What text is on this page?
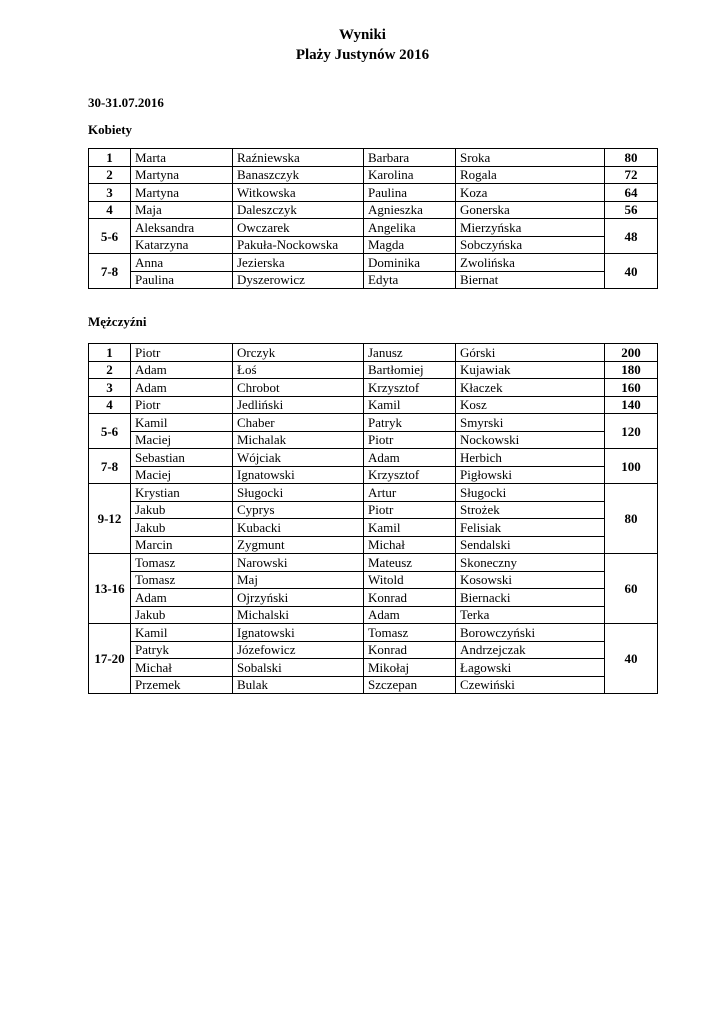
Wyniki
Plaży Justynów 2016
30-31.07.2016
Kobiety
1	Marta	Raźniewska	Barbara	Sroka	80
2	Martyna	Banaszczyk	Karolina	Rogala	72
3	Martyna	Witkowska	Paulina	Koza	64
4	Maja	Daleszczyk	Agnieszka	Gonerska	56
5-6	Aleksandra	Owczarek	Angelika	Mierzyńska	48
	Katarzyna	Pakuła-Nockowska	Magda	Sobczyńska	
7-8	Anna	Jezierska	Dominika	Zwolińska	40
	Paulina	Dyszerowicz	Edyta	Biernat	
Mężczyźni
1	Piotr	Orczyk	Janusz	Górski	200
2	Adam	Łoś	Bartłomiej	Kujawiak	180
3	Adam	Chrobot	Krzysztof	Kłaczek	160
4	Piotr	Jedliński	Kamil	Kosz	140
5-6	Kamil	Chaber	Patryk	Smyrski	120
	Maciej	Michalak	Piotr	Nockowski	
7-8	Sebastian	Wójciak	Adam	Herbich	100
	Maciej	Ignatowski	Krzysztof	Pigłowski	
9-12	Krystian	Sługocki	Artur	Sługocki	80
	Jakub	Cyprys	Piotr	Strożek	
	Jakub	Kubacki	Kamil	Felisiak	
	Marcin	Zygmunt	Michał	Sendalski	
13-16	Tomasz	Narowski	Mateusz	Skoneczny	60
	Tomasz	Maj	Witold	Kosowski	
	Adam	Ojrzyński	Konrad	Biernacki	
	Jakub	Michalski	Adam	Terka	
17-20	Kamil	Ignatowski	Tomasz	Borowczyński	40
	Patryk	Józefowicz	Konrad	Andrzejczak	
	Michał	Sobalski	Mikołaj	Łagowski	
	Przemek	Bulak	Szczepan	Czewiński	
